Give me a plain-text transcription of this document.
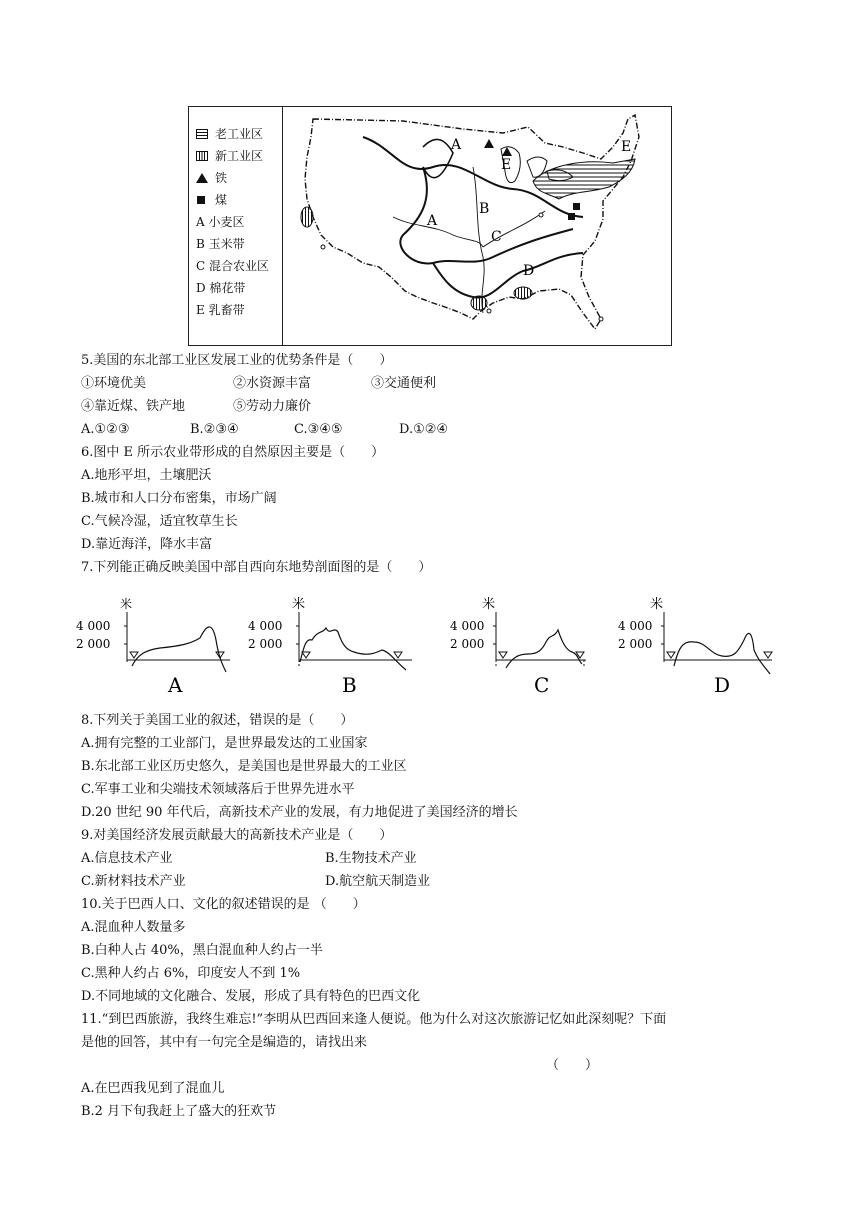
老工业区
新工业区
铁
煤
A 小麦区
B 玉米带
C 混合农业区
D 棉花带
E 乳畜带
A
E
E
A
B
C
D
5.美国的东北部工业区发展工业的优势条件是（　　）
①环境优美	②水资源丰富	③交通便利
④靠近煤、铁产地	⑤劳动力廉价
A.①②③	B.②③④	C.③④⑤	D.①②④
6.图中 E 所示农业带形成的自然原因主要是（　　）
A.地形平坦，土壤肥沃
B.城市和人口分布密集，市场广阔
C.气候冷湿，适宜牧草生长
D.靠近海洋，降水丰富
7.下列能正确反映美国中部自西向东地势剖面图的是（　　）
米
4 000
2 000
A
米
4 000
2 000
B
米
4 000
2 000
C
米
4 000
2 000
D
8.下列关于美国工业的叙述，错误的是（　　）
A.拥有完整的工业部门，是世界最发达的工业国家
B.东北部工业区历史悠久，是美国也是世界最大的工业区
C.军事工业和尖端技术领域落后于世界先进水平
D.20 世纪 90 年代后，高新技术产业的发展，有力地促进了美国经济的增长
9.对美国经济发展贡献最大的高新技术产业是（　　）
A.信息技术产业	B.生物技术产业
C.新材料技术产业	D.航空航天制造业
10.关于巴西人口、文化的叙述错误的是 （　　）
A.混血种人数量多
B.白种人占 40%，黑白混血种人约占一半
C.黑种人约占 6%，印度安人不到 1%
D.不同地域的文化融合、发展，形成了具有特色的巴西文化
11.“到巴西旅游，我终生难忘!”李明从巴西回来逢人便说。他为什么对这次旅游记忆如此深刻呢？下面
是他的回答，其中有一句完全是编造的，请找出来
（　　）
A.在巴西我见到了混血儿
B.2 月下旬我赶上了盛大的狂欢节
